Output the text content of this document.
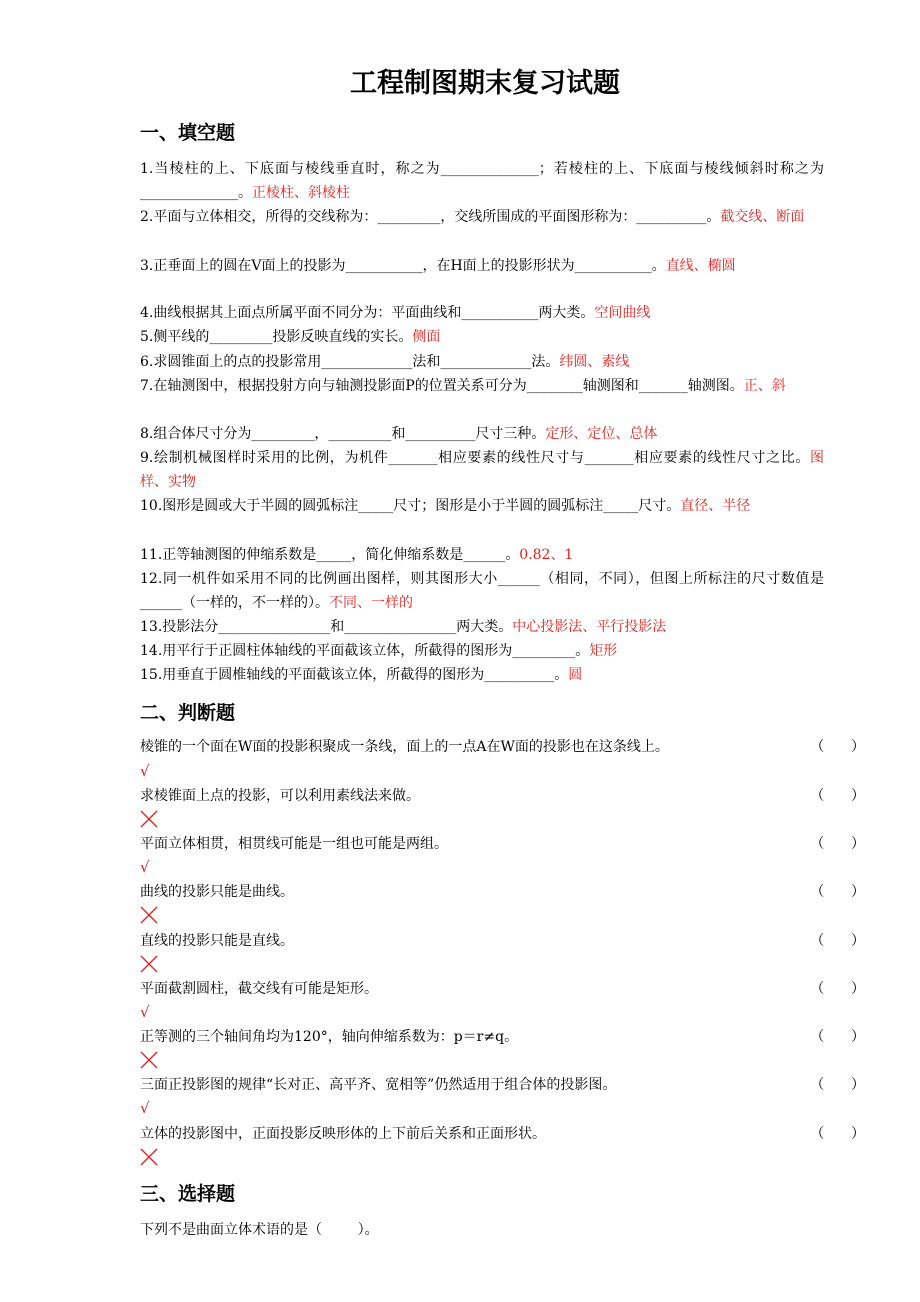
工程制图期末复习试题
一、填空题

1.当棱柱的上、下底面与棱线垂直时，称之为______________；若棱柱的上、下底面与棱线倾斜时称之为______________。正棱柱、斜棱柱

2.平面与立体相交，所得的交线称为：_________，交线所围成的平面图形称为：__________。截交线、断面

3.正垂面上的圆在V面上的投影为___________，在H面上的投影形状为___________。直线、椭圆

4.曲线根据其上面点所属平面不同分为：平面曲线和___________两大类。空间曲线

5.侧平线的_________投影反映直线的实长。侧面

6.求圆锥面上的点的投影常用_____________法和_____________法。纬圆、素线

7.在轴测图中，根据投射方向与轴测投影面P的位置关系可分为________轴测图和_______轴测图。正、斜

8.组合体尺寸分为_________，_________和__________尺寸三种。定形、定位、总体

9.绘制机械图样时采用的比例，为机件_______相应要素的线性尺寸与_______相应要素的线性尺寸之比。图样、实物

10.图形是圆或大于半圆的圆弧标注_____尺寸；图形是小于半圆的圆弧标注_____尺寸。直径、半径

11.正等轴测图的伸缩系数是_____，简化伸缩系数是______。0.82、1

12.同一机件如采用不同的比例画出图样，则其图形大小______（相同，不同），但图上所标注的尺寸数值是______（一样的，不一样的）。不同、一样的

13.投影法分________________和________________两大类。中心投影法、平行投影法

14.用平行于正圆柱体轴线的平面截该立体，所截得的图形为_________。矩形

15.用垂直于圆椎轴线的平面截该立体，所截得的图形为__________。圆

二、判断题
棱锥的一个面在W面的投影积聚成一条线，面上的一点A在W面的投影也在这条线上。	（      ）
√
求棱锥面上点的投影，可以利用素线法来做。	（      ）
平面立体相贯，相贯线可能是一组也可能是两组。	（      ）
√
曲线的投影只能是曲线。	（      ）
直线的投影只能是直线。	（      ）
平面截割圆柱，截交线有可能是矩形。	（      ）
√
正等测的三个轴间角均为120°，轴向伸缩系数为：p＝r≠q。	（      ）
三面正投影图的规律“长对正、高平齐、宽相等”仍然适用于组合体的投影图。	（      ）
√
立体的投影图中，正面投影反映形体的上下前后关系和正面形状。	（      ）
三、选择题
下列不是曲面立体术语的是（        ）。
